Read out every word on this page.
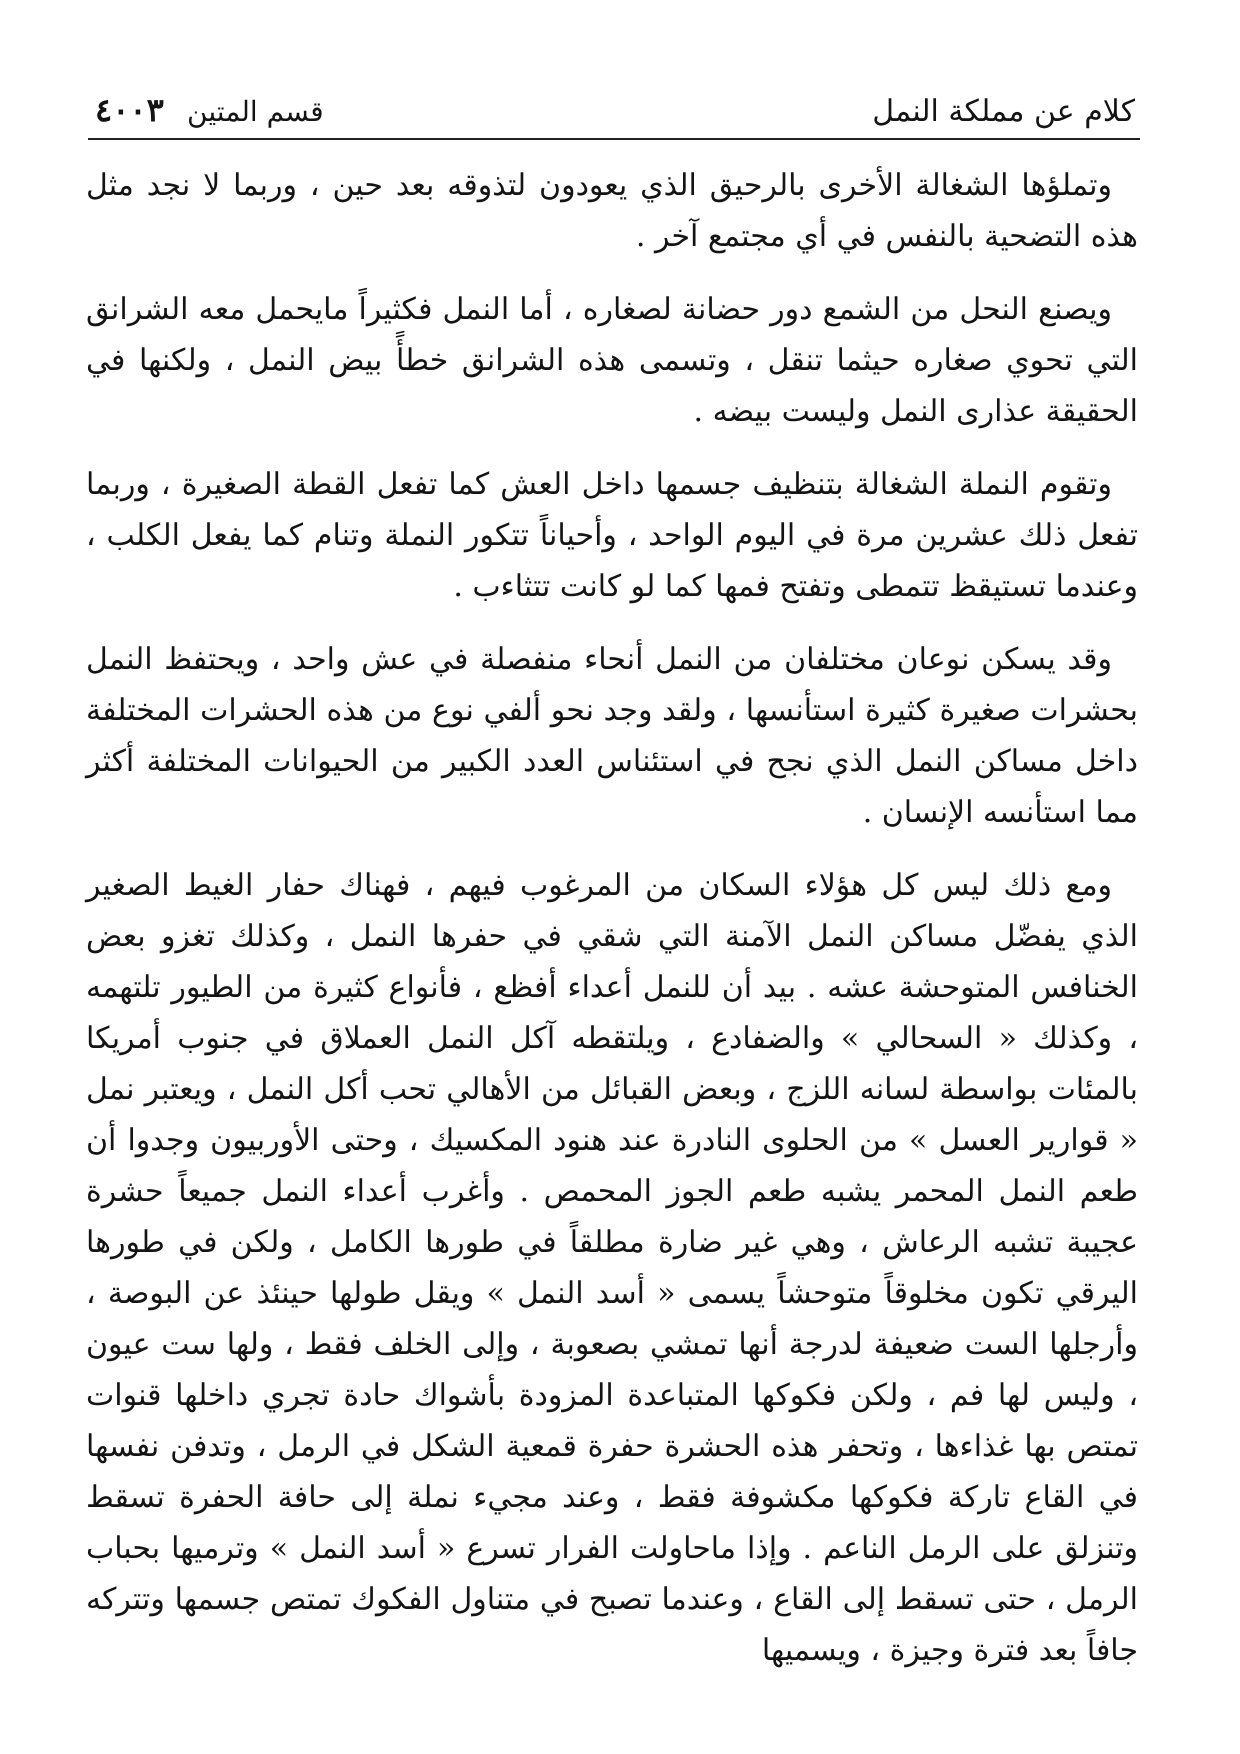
كلام عن مملكة النمل
قسم المتين
٤٠٠٣

وتملؤها الشغالة الأخرى بالرحيق الذي يعودون لتذوقه بعد حين ، وربما لا نجد مثل هذه التضحية بالنفس في أي مجتمع آخر .

ويصنع النحل من الشمع دور حضانة لصغاره ، أما النمل فكثيراً مايحمل معه الشرانق التي تحوي صغاره حيثما تنقل ، وتسمى هذه الشرانق خطأً بيض النمل ، ولكنها في الحقيقة عذارى النمل وليست بيضه .

وتقوم النملة الشغالة بتنظيف جسمها داخل العش كما تفعل القطة الصغيرة ، وربما تفعل ذلك عشرين مرة في اليوم الواحد ، وأحياناً تتكور النملة وتنام كما يفعل الكلب ، وعندما تستيقظ تتمطى وتفتح فمها كما لو كانت تتثاءب .

وقد يسكن نوعان مختلفان من النمل أنحاء منفصلة في عش واحد ، ويحتفظ النمل بحشرات صغيرة كثيرة استأنسها ، ولقد وجد نحو ألفي نوع من هذه الحشرات المختلفة داخل مساكن النمل الذي نجح في استئناس العدد الكبير من الحيوانات المختلفة أكثر مما استأنسه الإنسان .

ومع ذلك ليس كل هؤلاء السكان من المرغوب فيهم ، فهناك حفار الغيط الصغير الذي يفضّل مساكن النمل الآمنة التي شقي في حفرها النمل ، وكذلك تغزو بعض الخنافس المتوحشة عشه . بيد أن للنمل أعداء أفظع ، فأنواع كثيرة من الطيور تلتهمه ، وكذلك « السحالي » والضفادع ، ويلتقطه آكل النمل العملاق في جنوب أمريكا بالمئات بواسطة لسانه اللزج ، وبعض القبائل من الأهالي تحب أكل النمل ، ويعتبر نمل « قوارير العسل » من الحلوى النادرة عند هنود المكسيك ، وحتى الأوربيون وجدوا أن طعم النمل المحمر يشبه طعم الجوز المحمص . وأغرب أعداء النمل جميعاً حشرة عجيبة تشبه الرعاش ، وهي غير ضارة مطلقاً في طورها الكامل ، ولكن في طورها اليرقي تكون مخلوقاً متوحشاً يسمى « أسد النمل » ويقل طولها حينئذ عن البوصة ، وأرجلها الست ضعيفة لدرجة أنها تمشي بصعوبة ، وإلى الخلف فقط ، ولها ست عيون ، وليس لها فم ، ولكن فكوكها المتباعدة المزودة بأشواك حادة تجري داخلها قنوات تمتص بها غذاءها ، وتحفر هذه الحشرة حفرة قمعية الشكل في الرمل ، وتدفن نفسها في القاع تاركة فكوكها مكشوفة فقط ، وعند مجيء نملة إلى حافة الحفرة تسقط وتنزلق على الرمل الناعم . وإذا ماحاولت الفرار تسرع « أسد النمل » وترميها بحباب الرمل ، حتى تسقط إلى القاع ، وعندما تصبح في متناول الفكوك تمتص جسمها وتتركه جافاً بعد فترة وجيزة ، ويسميها
